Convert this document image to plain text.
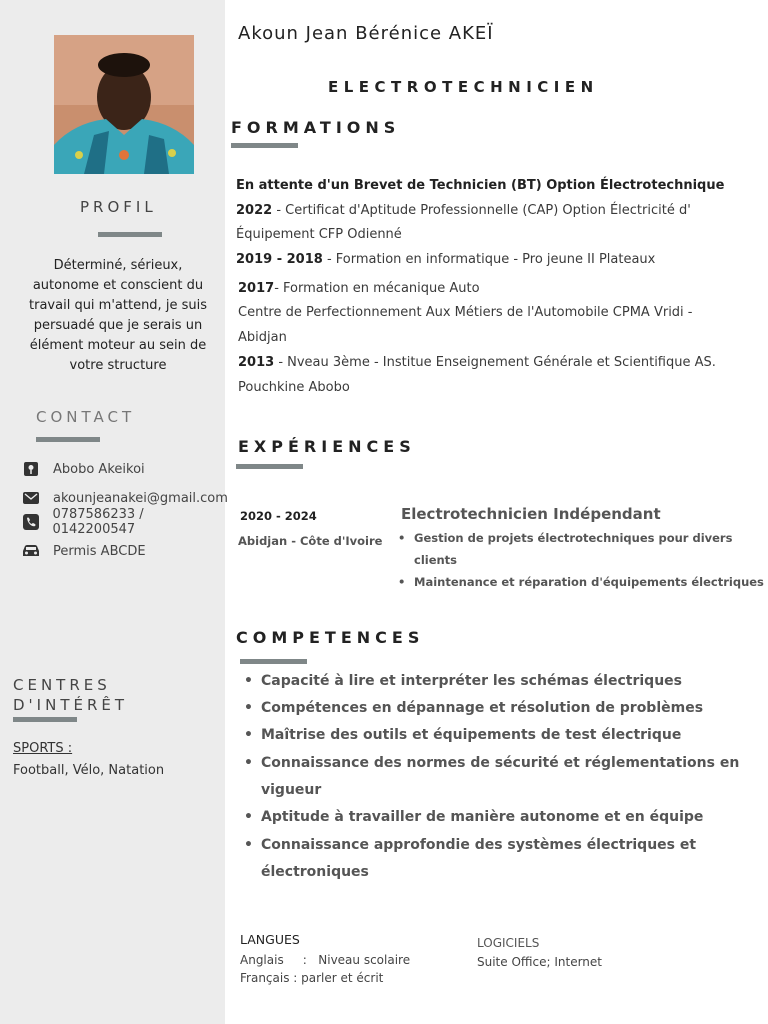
PROFIL
Déterminé, sérieux,
autonome et conscient du
travail qui m'attend, je suis
persuadé que je serais un
élément moteur au sein de
votre structure
CONTACT
Abobo Akeikoi
akounjeanakei@gmail.com
0787586233 / 0142200547
Permis ABCDE
CENTRES
D'INTÉRÊT
SPORTS :
Football, Vélo, Natation
Akoun Jean Bérénice AKEÏ
ELECTROTECHNICIEN
FORMATIONS
En attente d'un Brevet de Technicien (BT) Option Électrotechnique
2022 - Certificat d'Aptitude Professionnelle (CAP) Option Électricité d'
Équipement CFP Odienné
2019 - 2018 - Formation en informatique - Pro jeune II Plateaux
2017- Formation en mécanique Auto
Centre de Perfectionnement Aux Métiers de l'Automobile CPMA Vridi -
Abidjan
2013 - Nveau 3ème - Institue Enseignement Générale et Scientifique AS.
Pouchkine Abobo
EXPÉRIENCES
2020 - 2024
Abidjan - Côte d'Ivoire
Electrotechnicien Indépendant
• Gestion de projets électrotechniques pour divers
clients
• Maintenance et réparation d'équipements électriques
COMPETENCES
• Capacité à lire et interpréter les schémas électriques
• Compétences en dépannage et résolution de problèmes
• Maîtrise des outils et équipements de test électrique
• Connaissance des normes de sécurité et réglementations en
vigueur
• Aptitude à travailler de manière autonome et en équipe
• Connaissance approfondie des systèmes électriques et
électroniques
LANGUES
Anglais     :   Niveau scolaire
Français : parler et écrit
LOGICIELS
Suite Office; Internet
